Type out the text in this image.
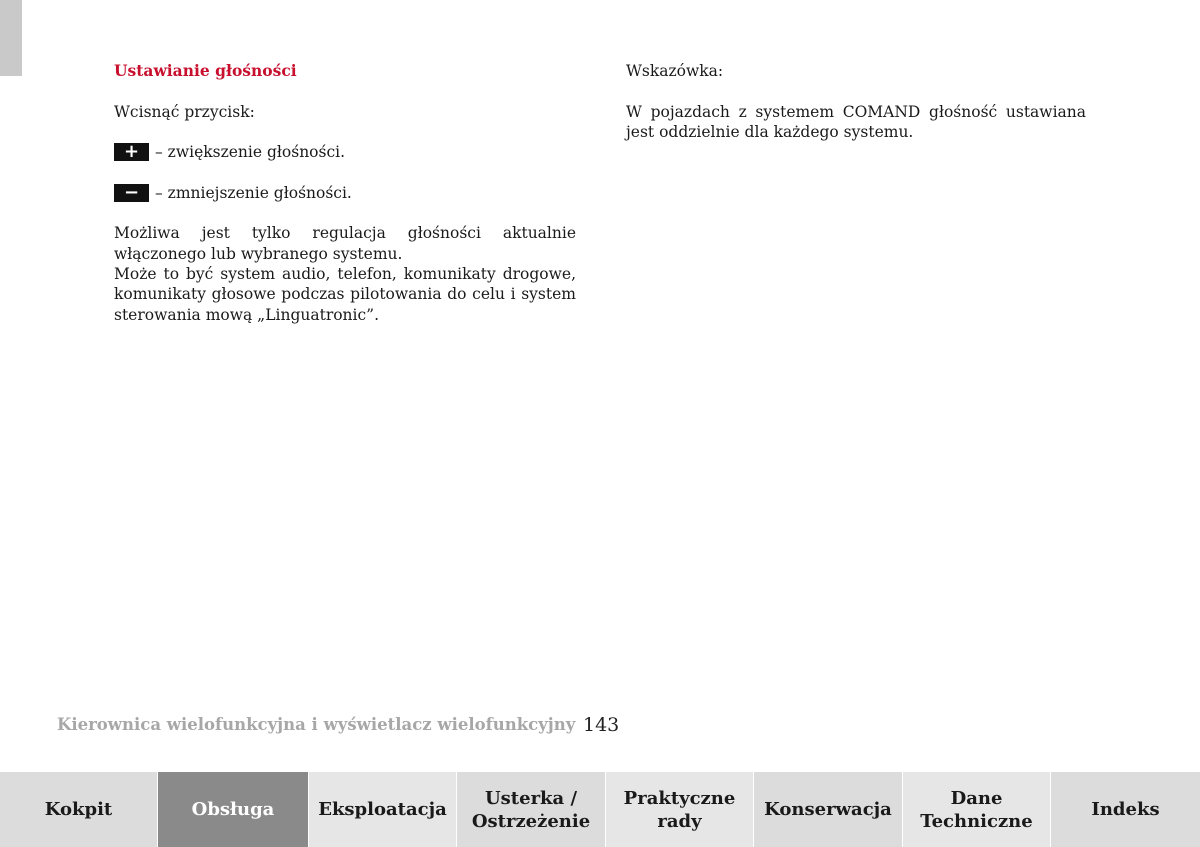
Ustawianie głośności

Wcisnąć przycisk:

+	– zwiększenie głośności.
−	– zmniejszenie głośności.

Możliwa jest tylko regulacja głośności aktualnie włączonego lub wybranego systemu.

Może to być system audio, telefon, komunikaty drogowe, komunikaty głosowe podczas pilotowania do celu i system sterowania mową „Linguatronic”.

Wskazówka:

W pojazdach z systemem COMAND głośność ustawiana jest oddzielnie dla każdego systemu.

Kierownica wielofunkcyjna i wyświetlacz wielofunkcyjny 143
Kokpit	Obsługa Eksploatacja
Usterka /
Ostrzeżenie
Praktyczne
rady
Konserwacja
Dane
Techniczne
Indeks
